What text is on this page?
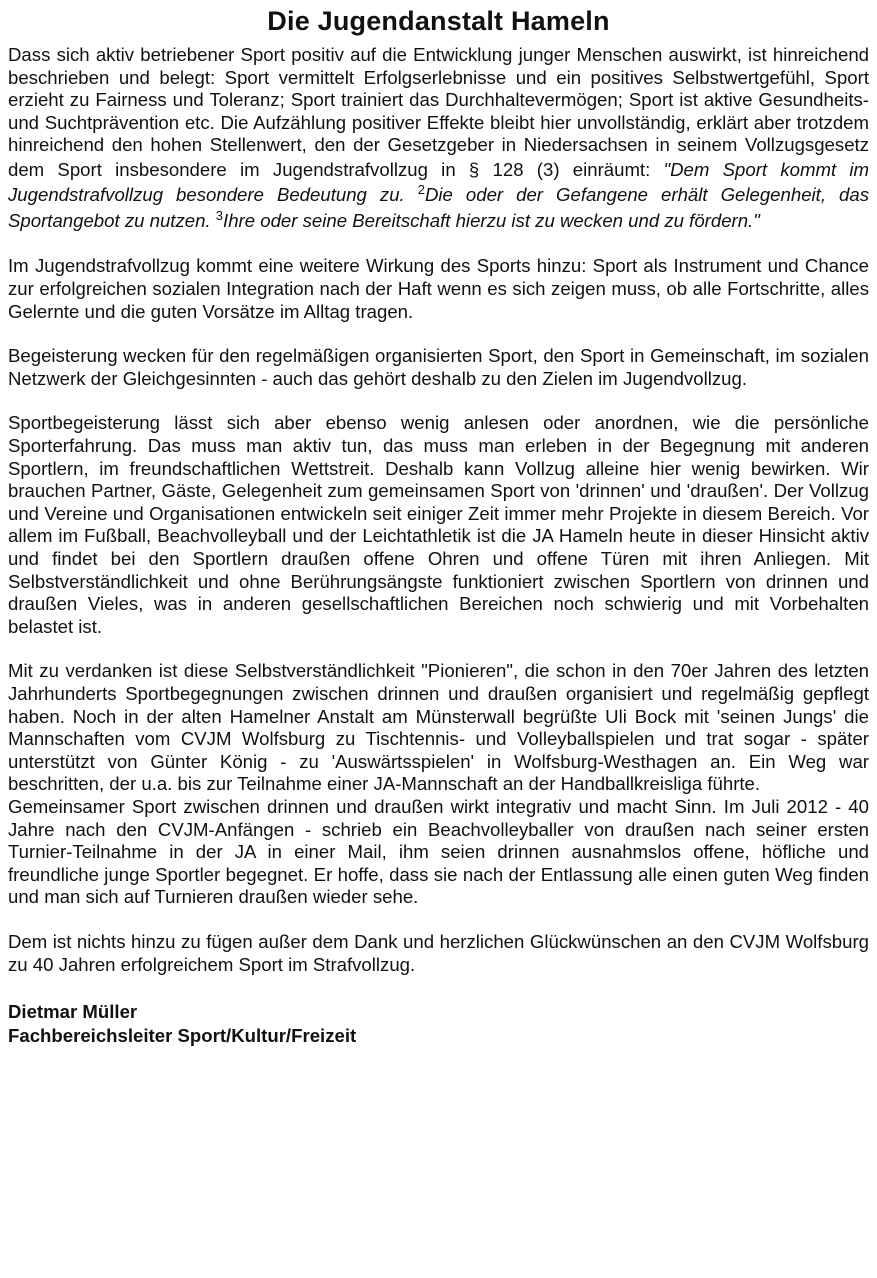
Die Jugendanstalt Hameln

Dass sich aktiv betriebener Sport positiv auf die Entwicklung junger Menschen auswirkt, ist hinreichend beschrieben und belegt: Sport vermittelt Erfolgserlebnisse und ein positives Selbstwertgefühl, Sport erzieht zu Fairness und Toleranz; Sport trainiert das Durchhaltevermögen; Sport ist aktive Gesundheits- und Suchtprävention etc. Die Aufzählung positiver Effekte bleibt hier unvollständig, erklärt aber trotzdem hinreichend den hohen Stellenwert, den der Gesetzgeber in Niedersachsen in seinem Vollzugsgesetz dem Sport insbesondere im Jugendstrafvollzug in § 128 (3) einräumt: "Dem Sport kommt im Jugendstrafvollzug besondere Bedeutung zu. $^2$Die oder der Gefangene erhält Gelegenheit, das Sportangebot zu nutzen. $^3$Ihre oder seine Bereitschaft hierzu ist zu wecken und zu fördern."

Im Jugendstrafvollzug kommt eine weitere Wirkung des Sports hinzu: Sport als Instrument und Chance zur erfolgreichen sozialen Integration nach der Haft wenn es sich zeigen muss, ob alle Fortschritte, alles Gelernte und die guten Vorsätze im Alltag tragen.

Begeisterung wecken für den regelmäßigen organisierten Sport, den Sport in Gemeinschaft, im sozialen Netzwerk der Gleichgesinnten - auch das gehört deshalb zu den Zielen im Jugendvollzug.

Sportbegeisterung lässt sich aber ebenso wenig anlesen oder anordnen, wie die persönliche Sporterfahrung. Das muss man aktiv tun, das muss man erleben in der Begegnung mit anderen Sportlern, im freundschaftlichen Wettstreit. Deshalb kann Vollzug alleine hier wenig bewirken. Wir brauchen Partner, Gäste, Gelegenheit zum gemeinsamen Sport von 'drinnen' und 'draußen'. Der Vollzug und Vereine und Organisationen entwickeln seit einiger Zeit immer mehr Projekte in diesem Bereich. Vor allem im Fußball, Beachvolleyball und der Leichtathletik ist die JA Hameln heute in dieser Hinsicht aktiv und findet bei den Sportlern draußen offene Ohren und offene Türen mit ihren Anliegen. Mit Selbstverständlichkeit und ohne Berührungsängste funktioniert zwischen Sportlern von drinnen und draußen Vieles, was in anderen gesellschaftlichen Bereichen noch schwierig und mit Vorbehalten belastet ist.

Mit zu verdanken ist diese Selbstverständlichkeit "Pionieren", die schon in den 70er Jahren des letzten Jahrhunderts Sportbegegnungen zwischen drinnen und draußen organisiert und regelmäßig gepflegt haben. Noch in der alten Hamelner Anstalt am Münsterwall begrüßte Uli Bock mit 'seinen Jungs' die Mannschaften vom CVJM Wolfsburg zu Tischtennis- und Volleyballspielen und trat sogar - später unterstützt von Günter König - zu 'Auswärtsspielen' in Wolfsburg-Westhagen an. Ein Weg war beschritten, der u.a. bis zur Teilnahme einer JA-Mannschaft an der Handballkreisliga führte.

Gemeinsamer Sport zwischen drinnen und draußen wirkt integrativ und macht Sinn. Im Juli 2012 - 40 Jahre nach den CVJM-Anfängen - schrieb ein Beachvolleyballer von draußen nach seiner ersten Turnier-Teilnahme in der JA in einer Mail, ihm seien drinnen ausnahmslos offene, höfliche und freundliche junge Sportler begegnet. Er hoffe, dass sie nach der Entlassung alle einen guten Weg finden und man sich auf Turnieren draußen wieder sehe.

Dem ist nichts hinzu zu fügen außer dem Dank und herzlichen Glückwünschen an den CVJM Wolfsburg zu 40 Jahren erfolgreichem Sport im Strafvollzug.

Dietmar Müller
Fachbereichsleiter Sport/Kultur/Freizeit
